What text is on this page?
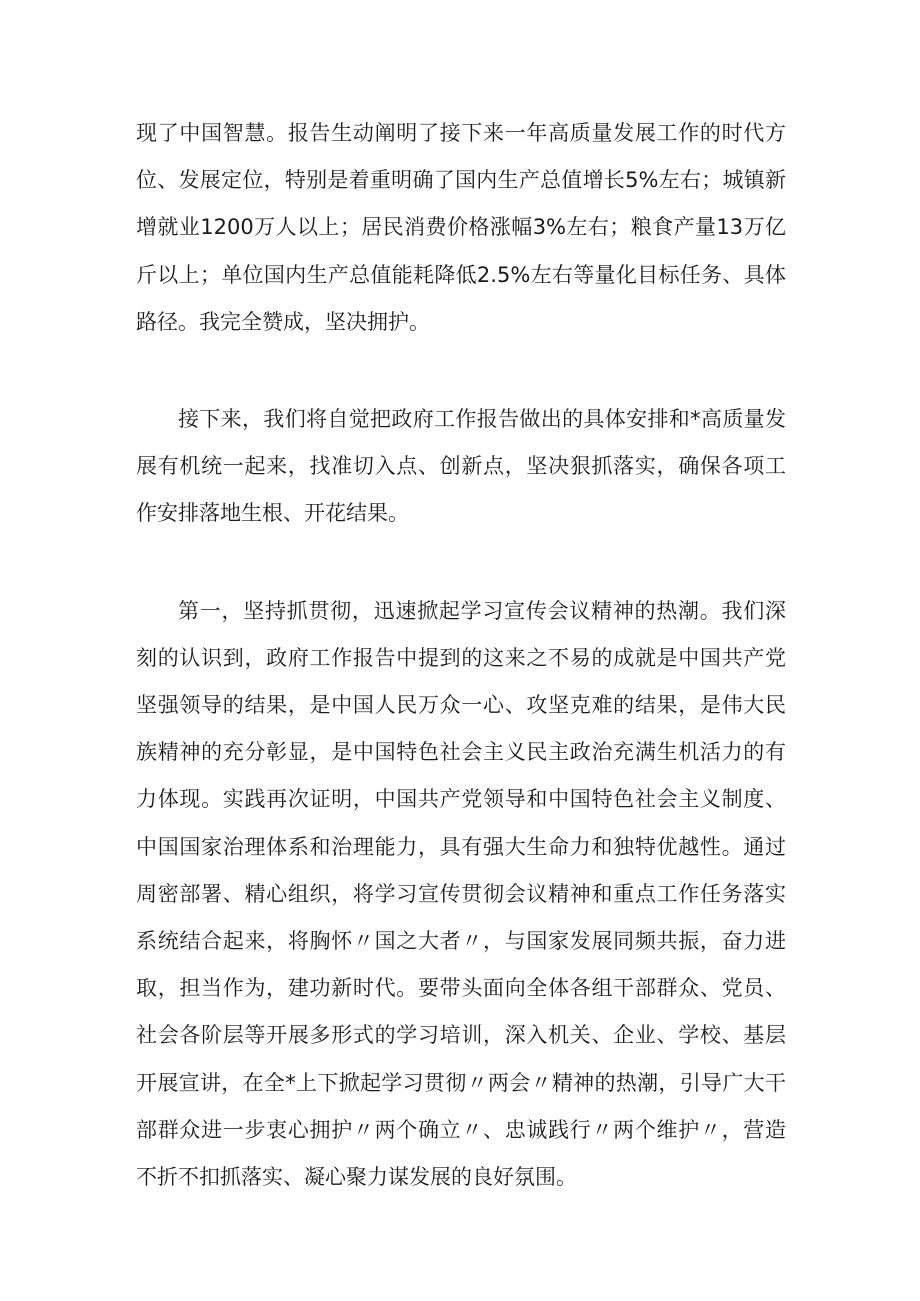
现了中国智慧。报告生动阐明了接下来一年高质量发展工作的时代方位、发展定位，特别是着重明确了国内生产总值增长5%左右；城镇新增就业1200万人以上；居民消费价格涨幅3%左右；粮食产量13万亿斤以上；单位国内生产总值能耗降低2.5%左右等量化目标任务、具体路径。我完全赞成，坚决拥护。

接下来，我们将自觉把政府工作报告做出的具体安排和*高质量发展有机统一起来，找准切入点、创新点，坚决狠抓落实，确保各项工作安排落地生根、开花结果。

第一，坚持抓贯彻，迅速掀起学习宣传会议精神的热潮。我们深刻的认识到，政府工作报告中提到的这来之不易的成就是中国共产党坚强领导的结果，是中国人民万众一心、攻坚克难的结果，是伟大民族精神的充分彰显，是中国特色社会主义民主政治充满生机活力的有力体现。实践再次证明，中国共产党领导和中国特色社会主义制度、中国国家治理体系和治理能力，具有强大生命力和独特优越性。通过周密部署、精心组织，将学习宣传贯彻会议精神和重点工作任务落实系统结合起来，将胸怀〃国之大者〃，与国家发展同频共振，奋力进取，担当作为，建功新时代。要带头面向全体各组干部群众、党员、社会各阶层等开展多形式的学习培训，深入机关、企业、学校、基层开展宣讲，在全*上下掀起学习贯彻〃两会〃精神的热潮，引导广大干部群众进一步衷心拥护〃两个确立〃、忠诚践行〃两个维护〃，营造不折不扣抓落实、凝心聚力谋发展的良好氛围。
